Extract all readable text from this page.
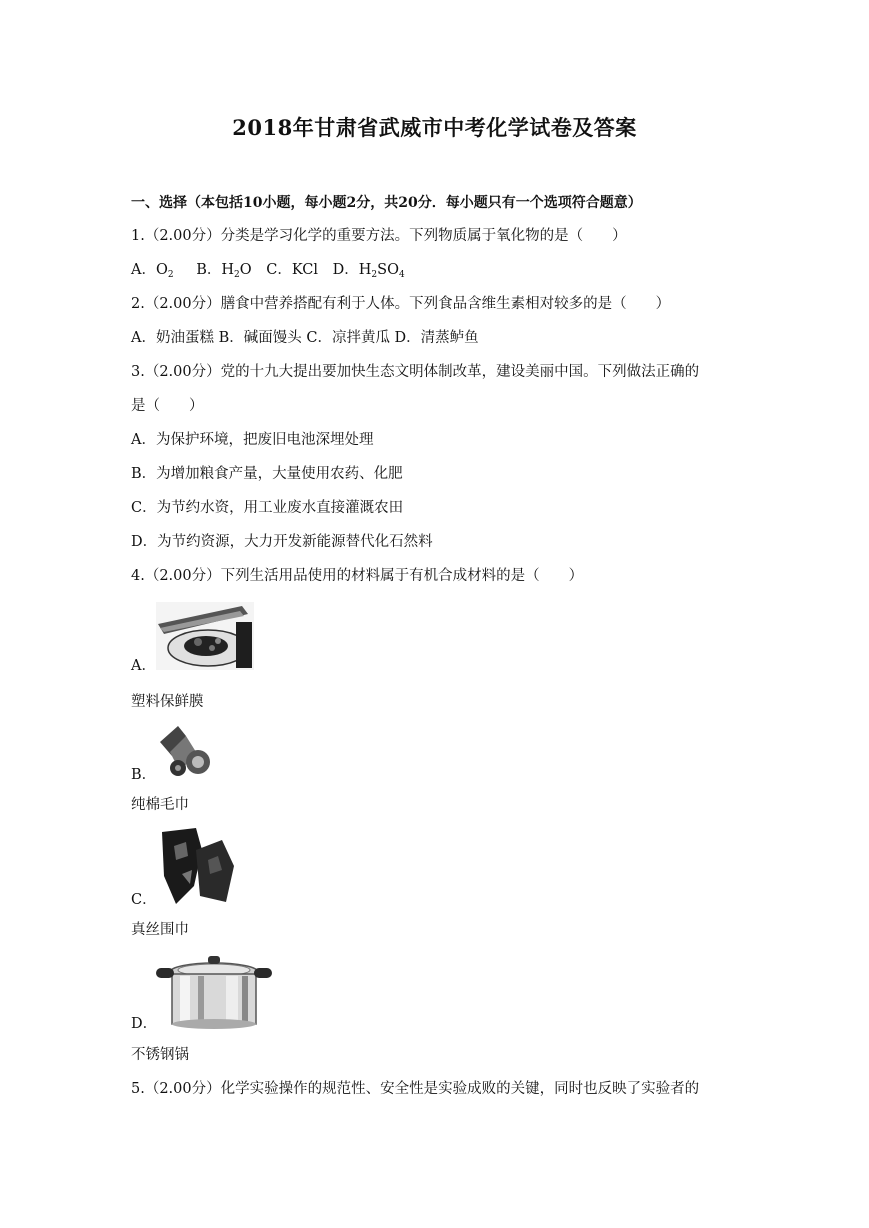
2018年甘肃省武威市中考化学试卷及答案
一、选择（本包括10小题，每小题2分，共20分．每小题只有一个选项符合题意）
1.（2.00分）分类是学习化学的重要方法。下列物质属于氧化物的是（　　）
A．$O_2$ B．$H_2O$ C．KCl D．$H_2SO_4$
2.（2.00分）膳食中营养搭配有利于人体。下列食品含维生素相对较多的是（　　）
A．奶油蛋糕 B．碱面馒头 C．凉拌黄瓜 D．清蒸鲈鱼
3.（2.00分）党的十九大提出要加快生态文明体制改革，建设美丽中国。下列做法正确的
是（　　）
A．为保护环境，把废旧电池深埋处理
B．为增加粮食产量，大量使用农药、化肥
C．为节约水资，用工业废水直接灌溉农田
D．为节约资源，大力开发新能源替代化石然料
4.（2.00分）下列生活用品使用的材料属于有机合成材料的是（　　）
A．
塑料保鲜膜
B．
纯棉毛巾
C．
真丝围巾
D．
不锈钢锅
5.（2.00分）化学实验操作的规范性、安全性是实验成败的关键，同时也反映了实验者的
